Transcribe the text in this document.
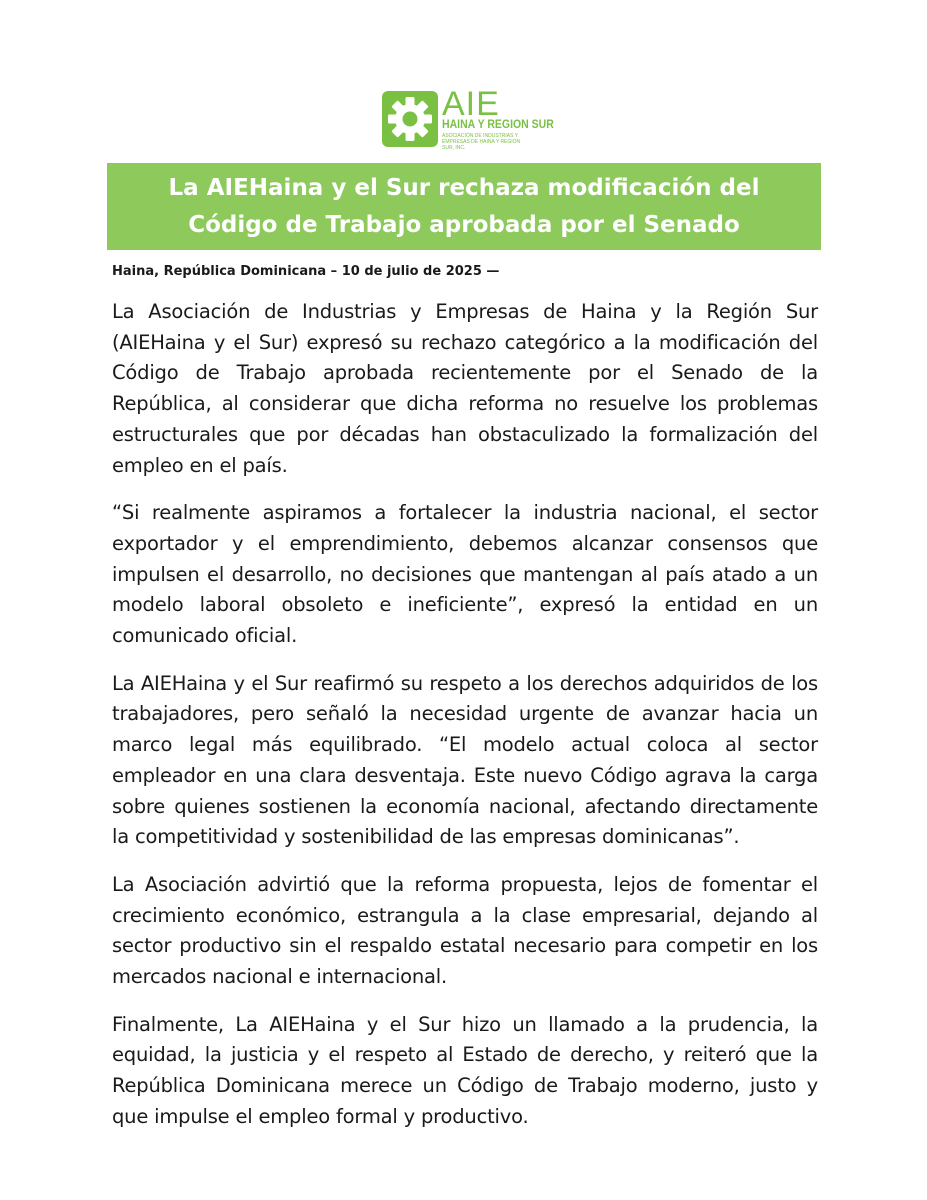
AIE
HAINA Y REGION SUR
ASOCIACIÓN DE INDUSTRIAS Y EMPRESAS DE HAINA Y REGION SUR, INC.
La AIEHaina y el Sur rechaza modificación del
Código de Trabajo aprobada por el Senado
Haina, República Dominicana – 10 de julio de 2025 —

La Asociación de Industrias y Empresas de Haina y la Región Sur (AIEHaina y el Sur) expresó su rechazo categórico a la modificación del Código de Trabajo aprobada recientemente por el Senado de la República, al considerar que dicha reforma no resuelve los problemas estructurales que por décadas han obstaculizado la formalización del empleo en el país.

“Si realmente aspiramos a fortalecer la industria nacional, el sector exportador y el emprendimiento, debemos alcanzar consensos que impulsen el desarrollo, no decisiones que mantengan al país atado a un modelo laboral obsoleto e ineficiente”, expresó la entidad en un comunicado oficial.

La AIEHaina y el Sur reafirmó su respeto a los derechos adquiridos de los trabajadores, pero señaló la necesidad urgente de avanzar hacia un marco legal más equilibrado. “El modelo actual coloca al sector empleador en una clara desventaja. Este nuevo Código agrava la carga sobre quienes sostienen la economía nacional, afectando directamente la competitividad y sostenibilidad de las empresas dominicanas”.

La Asociación advirtió que la reforma propuesta, lejos de fomentar el crecimiento económico, estrangula a la clase empresarial, dejando al sector productivo sin el respaldo estatal necesario para competir en los mercados nacional e internacional.

Finalmente, La AIEHaina y el Sur hizo un llamado a la prudencia, la equidad, la justicia y el respeto al Estado de derecho, y reiteró que la República Dominicana merece un Código de Trabajo moderno, justo y que impulse el empleo formal y productivo.
